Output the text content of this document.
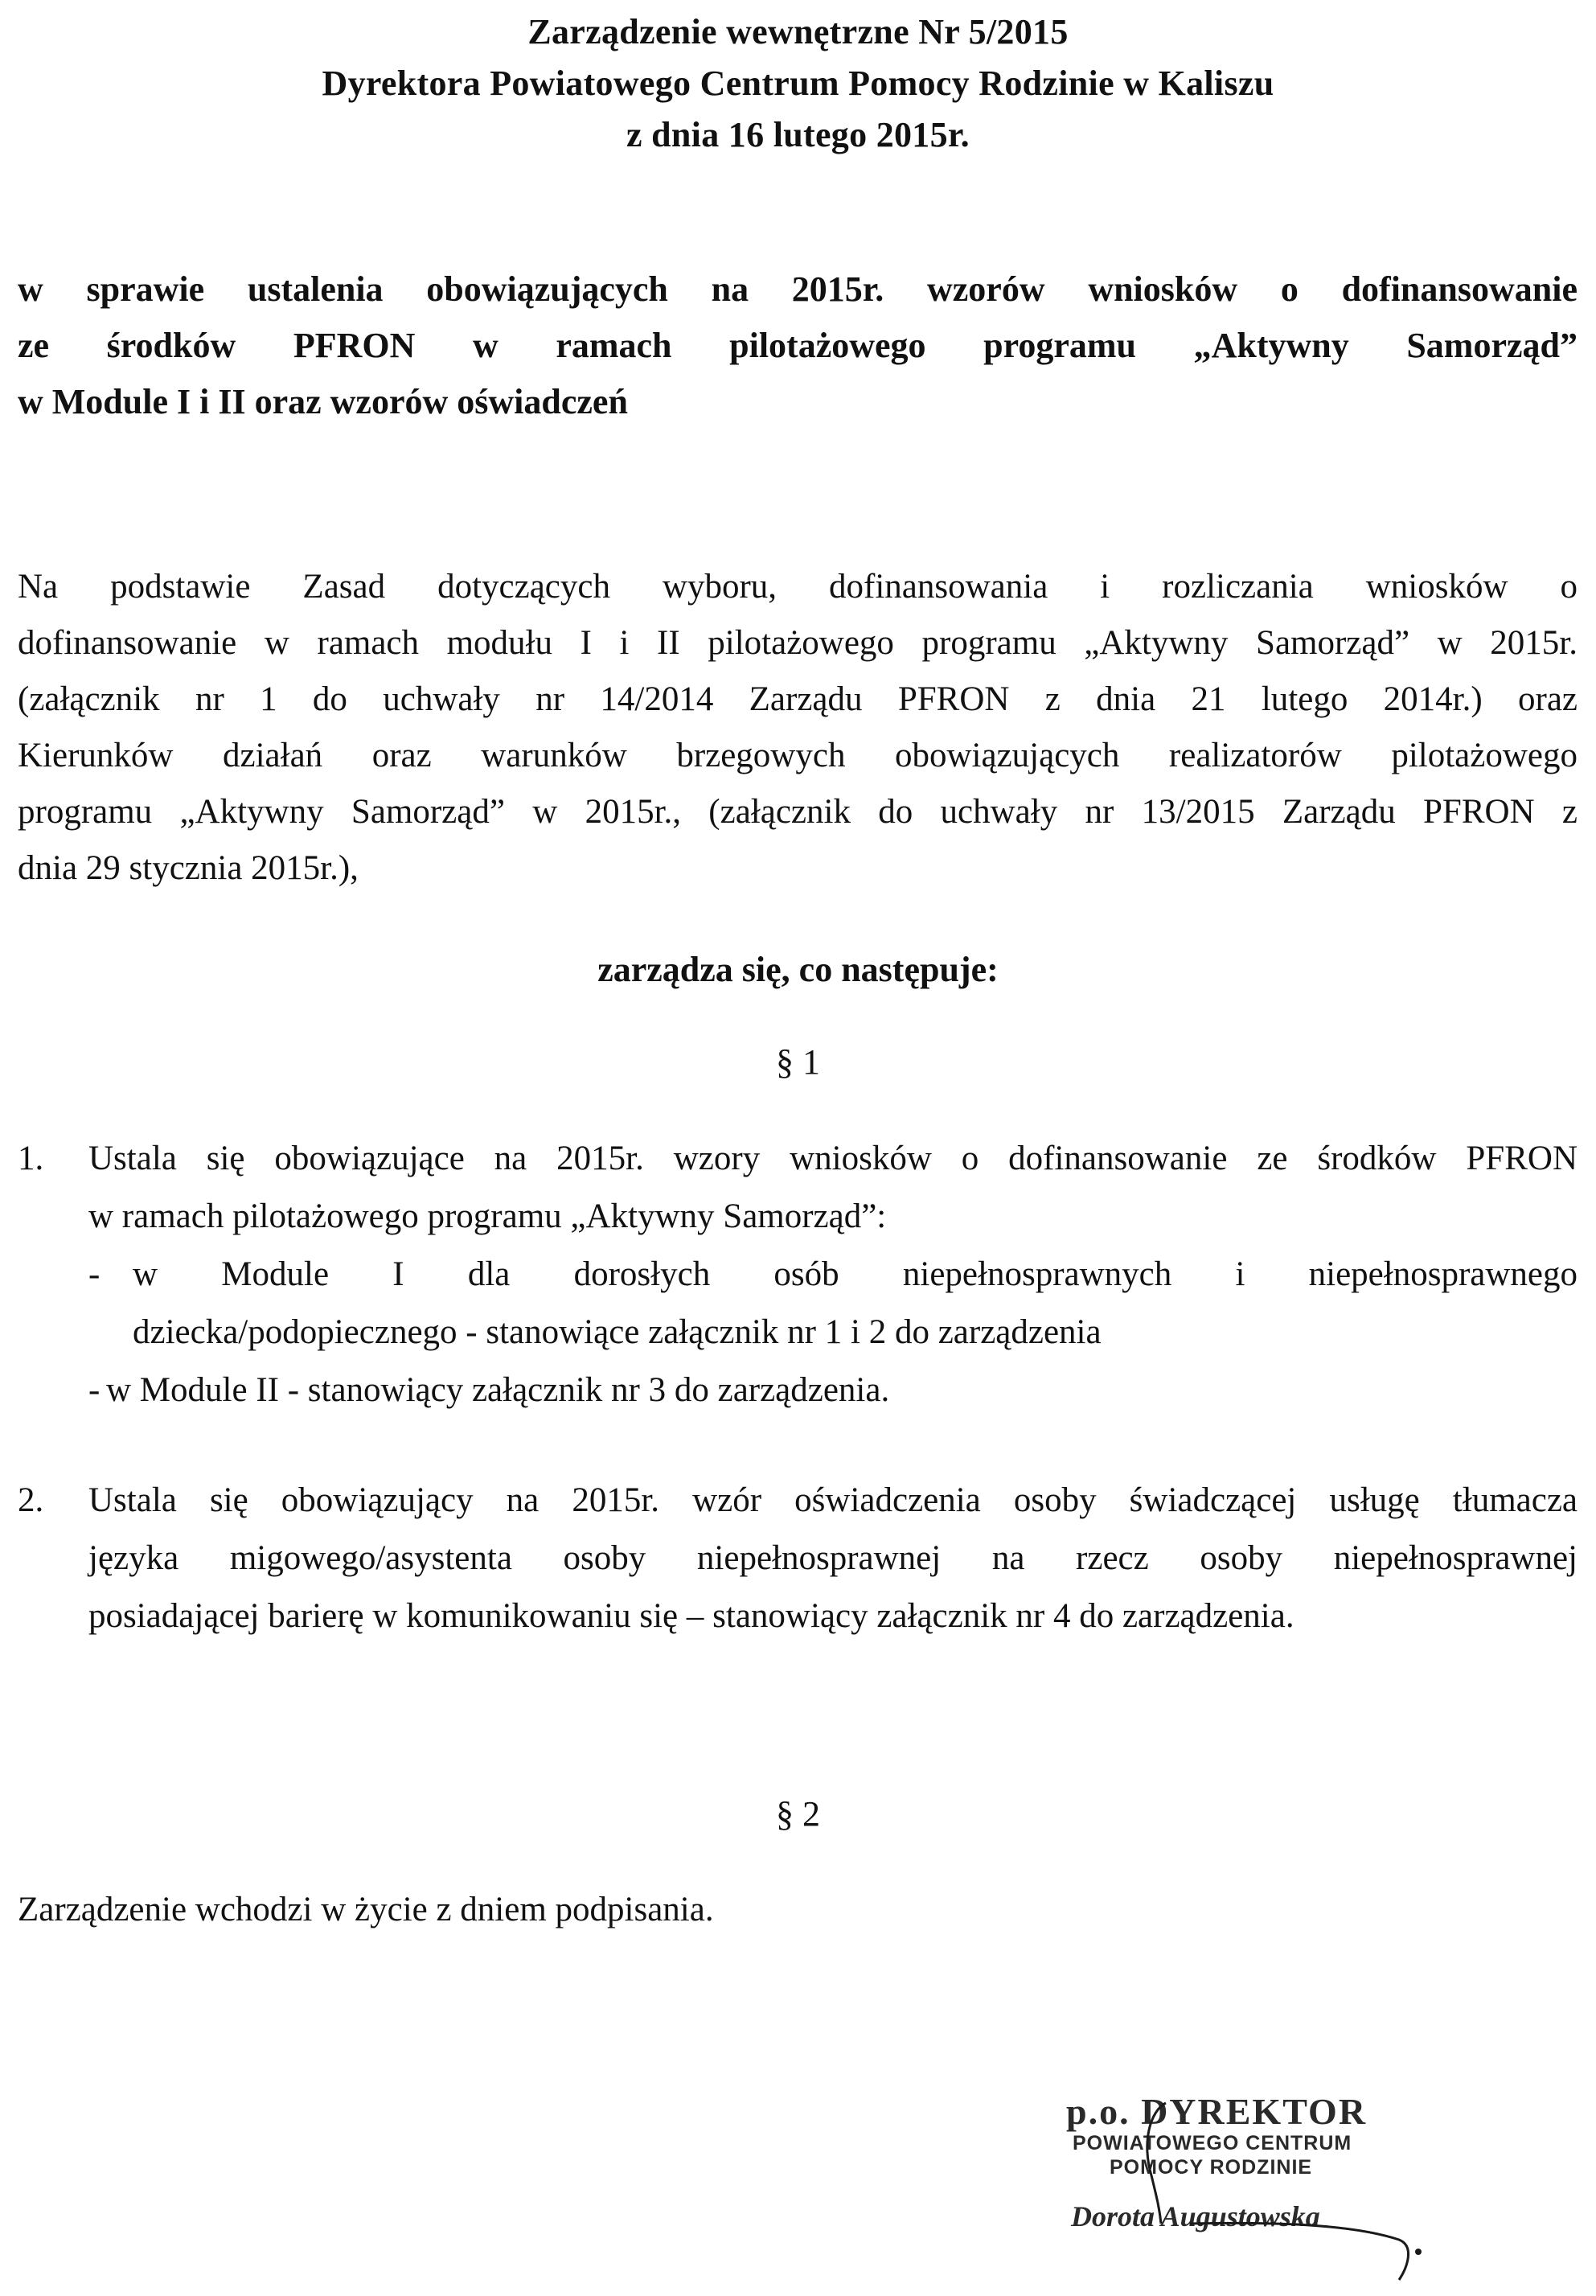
Zarządzenie wewnętrzne Nr 5/2015
Dyrektora Powiatowego Centrum Pomocy Rodzinie w Kaliszu
z dnia 16 lutego 2015r.
w sprawie ustalenia obowiązujących na 2015r. wzorów wniosków o dofinansowanie
ze środków PFRON w ramach pilotażowego programu „Aktywny Samorząd”
w Module I i II oraz wzorów oświadczeń
Na podstawie Zasad dotyczących wyboru, dofinansowania i rozliczania wniosków o
dofinansowanie w ramach modułu I i II pilotażowego programu „Aktywny Samorząd” w 2015r.
(załącznik nr 1 do uchwały nr 14/2014 Zarządu PFRON z dnia 21 lutego 2014r.) oraz
Kierunków działań oraz warunków brzegowych obowiązujących realizatorów pilotażowego
programu „Aktywny Samorząd” w 2015r., (załącznik do uchwały nr 13/2015 Zarządu PFRON z
dnia 29 stycznia 2015r.),
zarządza się, co następuje:
§ 1
1. Ustala się obowiązujące na 2015r. wzory wniosków o dofinansowanie ze środków PFRON
w ramach pilotażowego programu „Aktywny Samorząd”:
- w Module I dla dorosłych osób niepełnosprawnych i niepełnosprawnego
dziecka/podopiecznego - stanowiące załącznik nr 1 i 2 do zarządzenia
- w Module II - stanowiący załącznik nr 3 do zarządzenia.
2. Ustala się obowiązujący na 2015r. wzór oświadczenia osoby świadczącej usługę tłumacza
języka migowego/asystenta osoby niepełnosprawnej na rzecz osoby niepełnosprawnej
posiadającej barierę w komunikowaniu się – stanowiący załącznik nr 4 do zarządzenia.
§ 2
Zarządzenie wchodzi w życie z dniem podpisania.
p.o. DYREKTOR
POWIATOWEGO CENTRUM
POMOCY RODZINIE
Dorota Augustowska
